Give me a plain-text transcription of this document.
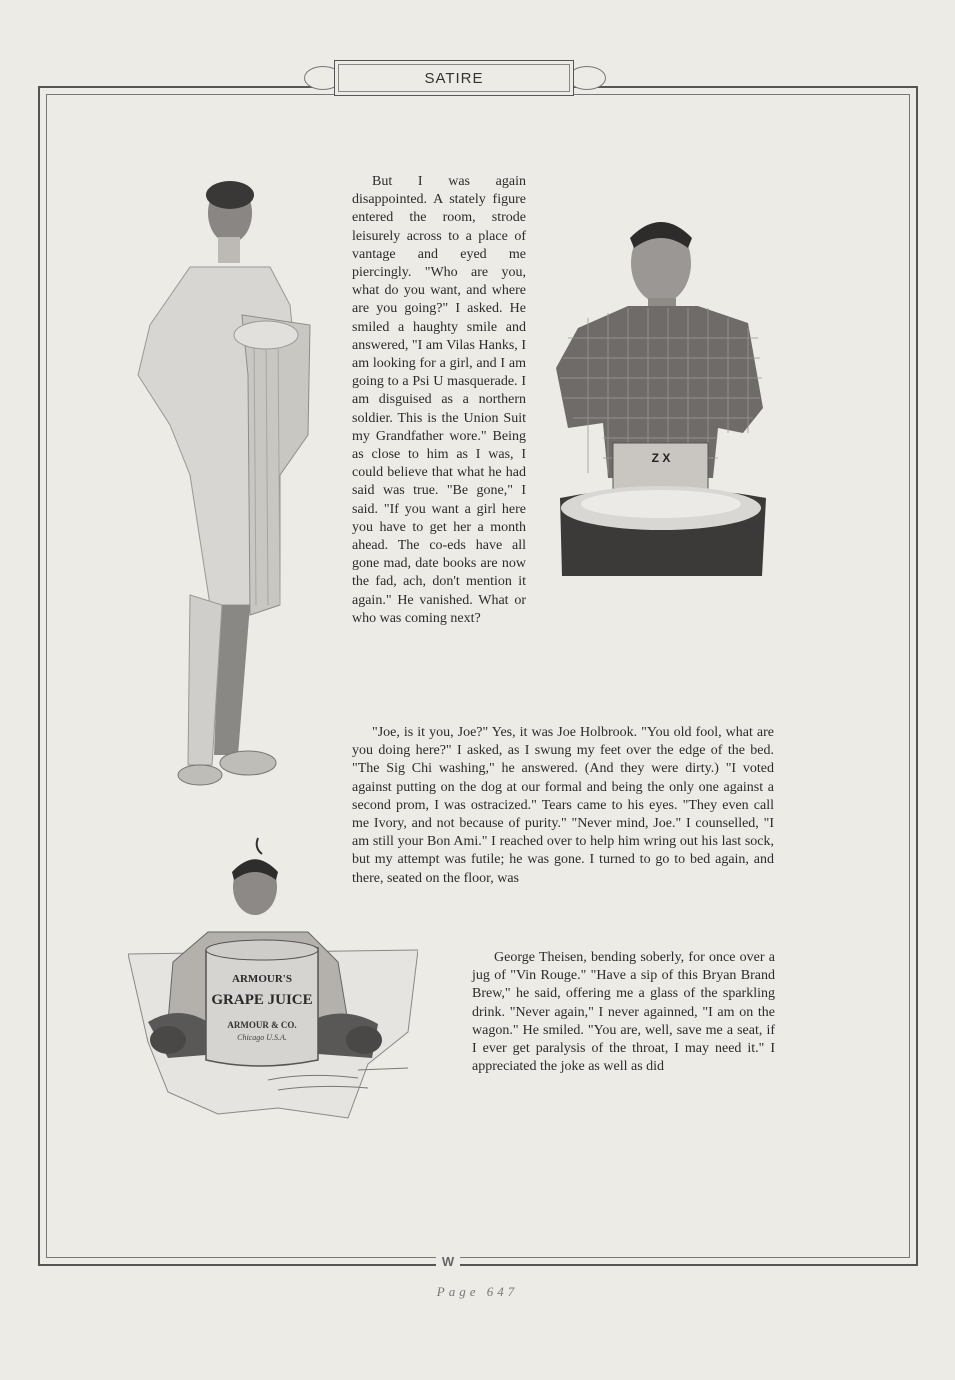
SATIRE
Z X
ARMOUR'S
GRAPE JUICE
ARMOUR & CO.
Chicago U.S.A.
But I was again disappointed. A stately figure entered the room, strode leisurely across to a place of vantage and eyed me piercingly. "Who are you, what do you want, and where are you going?" I asked. He smiled a haughty smile and answered, "I am Vilas Hanks, I am looking for a girl, and I am going to a Psi U masquerade. I am disguised as a northern soldier. This is the Union Suit my Grandfather wore." Being as close to him as I was, I could believe that what he had said was true. "Be gone," I said. "If you want a girl here you have to get her a month ahead. The co-eds have all gone mad, date books are now the fad, ach, don't mention it again." He vanished. What or who was coming next?
"Joe, is it you, Joe?" Yes, it was Joe Holbrook. "You old fool, what are you doing here?" I asked, as I swung my feet over the edge of the bed. "The Sig Chi washing," he answered. (And they were dirty.) "I voted against putting on the dog at our formal and being the only one against a second prom, I was ostracized." Tears came to his eyes. "They even call me Ivory, and not because of purity." "Never mind, Joe." I counselled, "I am still your Bon Ami." I reached over to help him wring out his last sock, but my attempt was futile; he was gone. I turned to go to bed again, and there, seated on the floor, was
George Theisen, bending soberly, for once over a jug of "Vin Rouge." "Have a sip of this Bryan Brand Brew," he said, offering me a glass of the sparkling drink. "Never again," I never againned, "I am on the wagon." He smiled. "You are, well, save me a seat, if I ever get paralysis of the throat, I may need it." I appreciated the joke as well as did
W
Page 647
